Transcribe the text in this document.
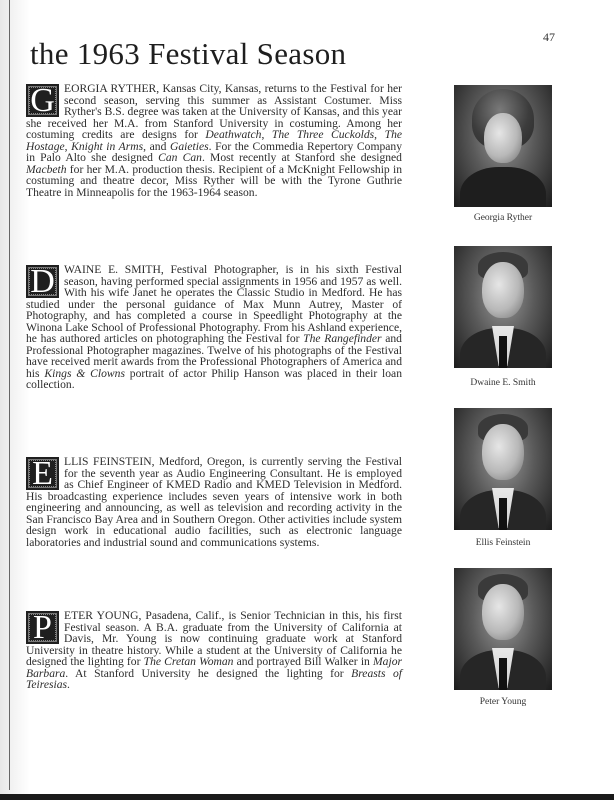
47
the 1963 Festival Season

G EORGIA RYTHER, Kansas City, Kansas, returns to the Festival for her second season, serving this summer as Assistant Costumer. Miss Ryther's B.S. degree was taken at the University of Kansas, and this year she received her M.A. from Stanford University in costuming. Among her costuming credits are designs for Deathwatch, The Three Cuckolds, The Hostage, Knight in Arms, and Gaieties. For the Commedia Repertory Company in Palo Alto she designed Can Can. Most recently at Stanford she designed Macbeth for her M.A. production thesis. Recipient of a McKnight Fellowship in costuming and theatre decor, Miss Ryther will be with the Tyrone Guthrie Theatre in Minneapolis for the 1963-1964 season.

D WAINE E. SMITH, Festival Photographer, is in his sixth Festival season, having performed special assignments in 1956 and 1957 as well. With his wife Janet he operates the Classic Studio in Medford. He has studied under the personal guidance of Max Munn Autrey, Master of Photography, and has completed a course in Speedlight Photography at the Winona Lake School of Professional Photography. From his Ashland experience, he has authored articles on photographing the Festival for The Rangefinder and Professional Photographer magazines. Twelve of his photographs of the Festival have received merit awards from the Professional Photographers of America and his Kings & Clowns portrait of actor Philip Hanson was placed in their loan collection.

E LLIS FEINSTEIN, Medford, Oregon, is currently serving the Festival for the seventh year as Audio Engineering Consultant. He is employed as Chief Engineer of KMED Radio and KMED Television in Medford. His broadcasting experience includes seven years of intensive work in both engineering and announcing, as well as television and recording activity in the San Francisco Bay Area and in Southern Oregon. Other activities include system design work in educational audio facilities, such as electronic language laboratories and industrial sound and communications systems.

P	ETER YOUNG, Pasadena, Calif., is Senior Technician in this, his first Festival season. A B.A. graduate from the University of California at Davis, Mr. Young is now continuing graduate work at Stanford University in theatre history. While a student at the University of California he designed the lighting for The Cretan Woman and portrayed Bill Walker in Major Barbara. At Stanford University he designed the lighting for Breasts of Teiresias.

Georgia Ryther
Dwaine E. Smith
Ellis Feinstein
Peter Young
